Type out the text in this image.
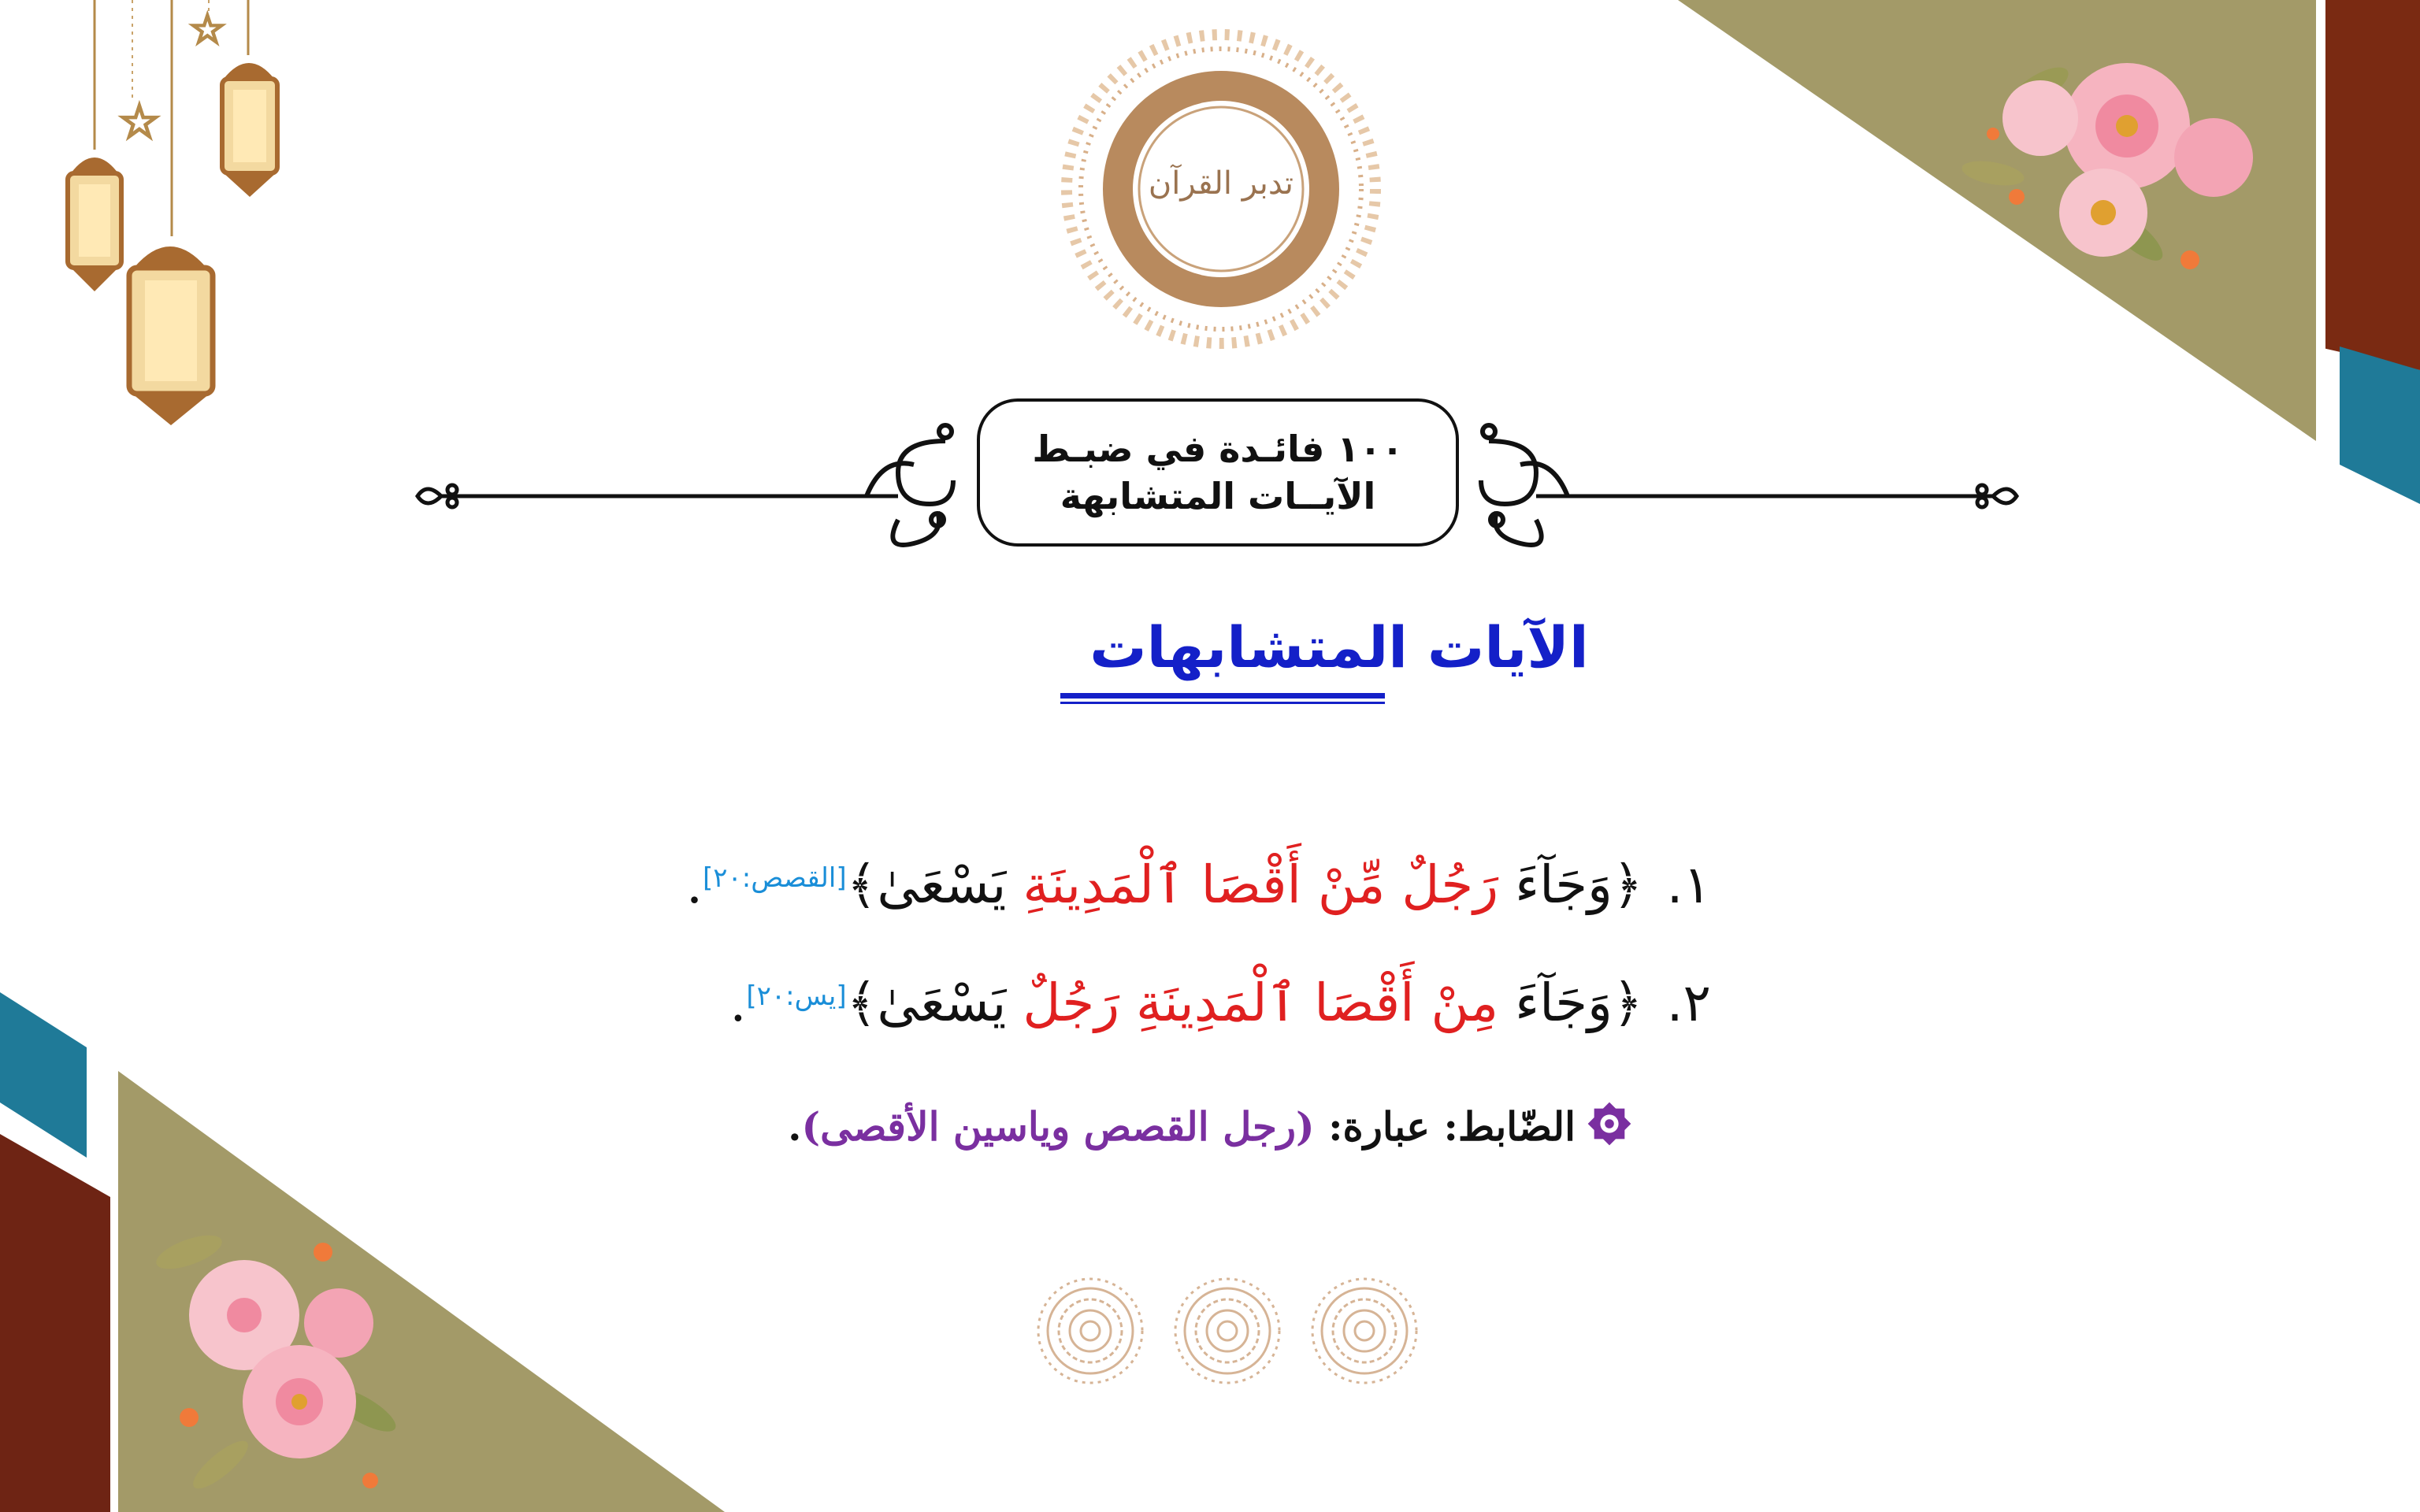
☆
☆
تدبر القرآن
١٠٠ فائـدة في ضبـط
الآيــات المتشابهة
الآيات المتشابهات
١.﴿وَجَآءَ رَجُلٌ مِّنْ أَقْصَا ٱلْمَدِينَةِ يَسْعَىٰ﴾[القصص:٢٠].
٢.﴿وَجَآءَ مِنْ أَقْصَا ٱلْمَدِينَةِ رَجُلٌ يَسْعَىٰ﴾[يس:٢٠].
الضّابط: عبارة: (رجل القصص وياسين الأقصى).
